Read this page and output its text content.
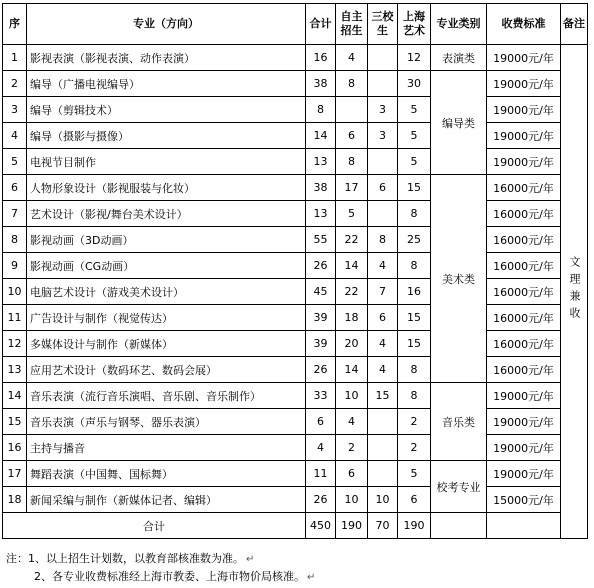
序	专业（方向）	合计	自主招生	三校生	上海艺术	专业类别	收费标准	备注
1	影视表演（影视表演、动作表演）	16	4		12	表演类	19000元/年	文理兼收
2	编导（广播电视编导）	38	8		30	编导类	19000元/年	
3	编导（剪辑技术）	8		3	5		19000元/年	
4	编导（摄影与摄像）	14	6	3	5		19000元/年	
5	电视节目制作	13	8		5		19000元/年	
6	人物形象设计（影视服装与化妆）	38	17	6	15	美术类	16000元/年	
7	艺术设计（影视/舞台美术设计）	13	5		8		16000元/年	
8	影视动画（3D动画）	55	22	8	25		16000元/年	
9	影视动画（CG动画）	26	14	4	8		16000元/年	
10	电脑艺术设计（游戏美术设计）	45	22	7	16		16000元/年	
11	广告设计与制作（视觉传达）	39	18	6	15		16000元/年	
12	多媒体设计与制作（新媒体）	39	20	4	15		16000元/年	
13	应用艺术设计（数码环艺、数码会展）	26	14	4	8		16000元/年	
14	音乐表演（流行音乐演唱、音乐剧、音乐制作）	33	10	15	8	音乐类	19000元/年	
15	音乐表演（声乐与钢琴、器乐表演）	6	4		2		19000元/年	
16	主持与播音	4	2		2		19000元/年	
17	舞蹈表演（中国舞、国标舞）	11	6		5	校考专业	19000元/年	
18	新闻采编与制作（新媒体记者、编辑）	26	10	10	6		15000元/年	
合计		450	190	70	190			
注：1、以上招生计划数，以教育部核准数为准。 ↵
2、各专业收费标准经上海市教委、上海市物价局核准。 ↵
